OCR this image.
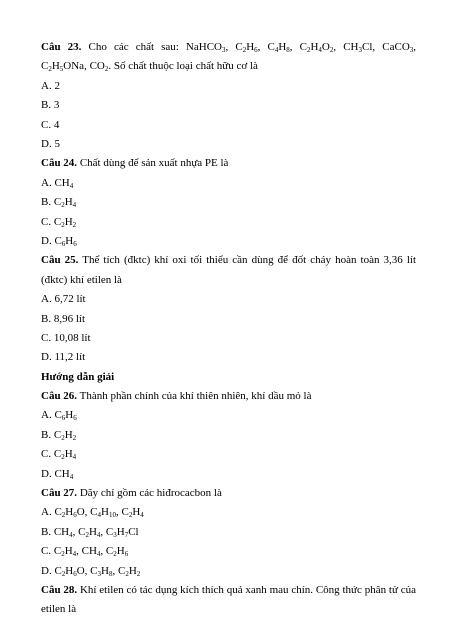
Câu 23. Cho các chất sau: NaHCO$_3$, $C_2H_6$, $C_4H_8$, $C_2H_4O_2$, $CH_3Cl$, CaCO$_3$, $C_2H_5ONa$, $CO_2$. Số chất thuộc loại chất hữu cơ là
A. 2
B. 3
C. 4
D. 5
Câu 24. Chất dùng để sản xuất nhựa PE là
A. $CH_4$
B. $C_2H_4$
C. $C_2H_2$
D. $C_6H_6$
Câu 25. Thể tích (đktc) khí oxi tối thiểu cần dùng để đốt cháy hoàn toàn 3,36 lít (đktc) khí etilen là
A. 6,72 lít
B. 8,96 lít
C. 10,08 lít
D. 11,2 lít
Hướng dẫn giải
Câu 26. Thành phần chính của khí thiên nhiên, khí dầu mỏ là
A. $C_6H_6$
B. $C_2H_2$
C. $C_2H_4$
D. $CH_4$
Câu 27. Dãy chỉ gồm các hiđrocacbon là
A. $C_2H_6O$, $C_4H_{10}$, $C_2H_4$
B. $CH_4$, $C_2H_4$, $C_3H_7Cl$
C. $C_2H_4$, $CH_4$, $C_2H_6$
D. $C_2H_6O$, $C_3H_8$, $C_2H_2$
Câu 28. Khí etilen có tác dụng kích thích quả xanh mau chín. Công thức phân tử của etilen là
